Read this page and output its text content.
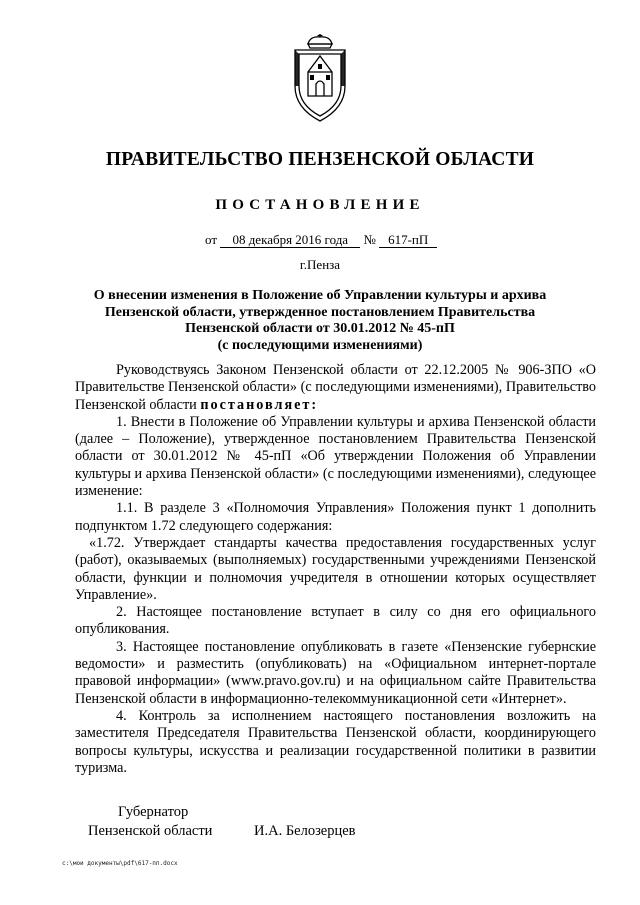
ПРАВИТЕЛЬСТВО ПЕНЗЕНСКОЙ ОБЛАСТИ
ПОСТАНОВЛЕНИЕ
от 08 декабря 2016 года № 617-пП
г.Пенза
О внесении изменения в Положение об Управлении культуры и архива
Пензенской области, утвержденное постановлением Правительства
Пензенской области от 30.01.2012 № 45-пП
(с последующими изменениями)

Руководствуясь Законом Пензенской области от 22.12.2005 № 906-ЗПО «О Правительстве Пензенской области» (с последующими изменениями), Правительство Пензенской области постановляет:

1. Внести в Положение об Управлении культуры и архива Пензенской области (далее – Положение), утвержденное постановлением Правительства Пензенской области от 30.01.2012 № 45-пП «Об утверждении Положения об Управлении культуры и архива Пензенской области» (с последующими изменениями), следующее изменение:

1.1. В разделе 3 «Полномочия Управления» Положения пункт 1 дополнить подпунктом 1.72 следующего содержания:

«1.72. Утверждает стандарты качества предоставления государственных услуг (работ), оказываемых (выполняемых) государственными учреждениями Пензенской области, функции и полномочия учредителя в отношении которых осуществляет Управление».

2. Настоящее постановление вступает в силу со дня его официального опубликования.

3. Настоящее постановление опубликовать в газете «Пензенские губернские ведомости» и разместить (опубликовать) на «Официальном интернет-портале правовой информации» (www.pravo.gov.ru) и на официальном сайте Правительства Пензенской области в информационно-телекоммуникационной сети «Интернет».

4. Контроль за исполнением настоящего постановления возложить на заместителя Председателя Правительства Пензенской области, координирующего вопросы культуры, искусства и реализации государственной политики в развитии туризма.

Губернатор
Пензенской области	И.А. Белозерцев
c:\мои документы\pdf\617-пп.docx
